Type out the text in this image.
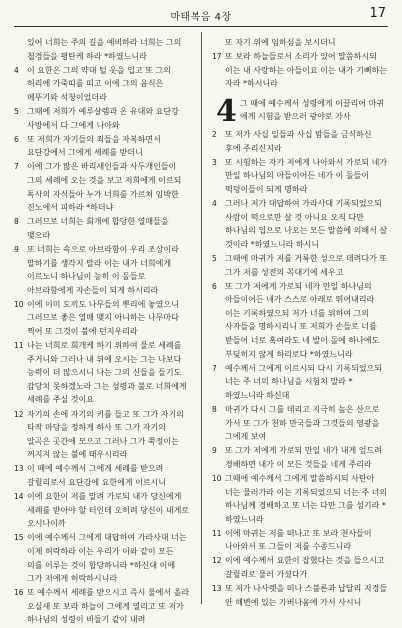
마태복음 4장	17
있어 너희는 주의 길을 예비하라 너희는 그의 첩경들을 평탄케 하라 *하였느니라
4	이 요한은 그의 약대 털 옷을 입고 또 그의 허리에 가죽띠를 띠고 이에 그의 음식은 메뚜기와 석청이었더라
5	그때에 저희가 예루살렘과 온 유대와 요단강 사방에서 다 그에게 나아와
6	또 저희가 자기들의 죄들을 자복하면서 요단강에서 그에게 세례를 받더니
7	이에 그가 많은 바리새인들과 사두개인들이 그의 세례에 오는 것을 보고 저희에게 이르되 독사의 자식들아 누가 너희를 가르쳐 임박한 진노에서 피하라 *하더냐
8	그러므로 너희는 회개에 합당한 열매들을 맺으라
9	또 너희는 속으로 아브라함이 우리 조상이라 말하기를 생각지 말라 이는 내가 너희에게 이르노니 하나님이 능히 이 돌들로 아브라함에게 자손들이 되게 하시리라
10 이에 이미 도끼도 나무들의 뿌리에 놓였으니 그러므로 좋은 열매 맺지 아니하는 나무마다 찍어 또 그것이 불에 던지우리라
11 나는 너희로 회개케 하기 위하여 물로 세례를 주거니와 그러나 내 뒤에 오시는 그는 나보다 능력이 더 많으시니 나는 그의 신들을 들기도 감당치 못하겠노라 그는 성령과 불로 너희에게 세례를 주실 것이요
12 자기의 손에 자기의 키를 들고 또 그가 자기의 타작 마당을 정하게 하사 또 그가 자기의 알곡은 곳간에 모으고 그러나 그가 쭉정이는 꺼지지 않는 불에 태우시리라
13 이 때에 예수께서 그에게 세례를 받으려 갈릴리로서 요단강에 요한에게 이르시니
14 이에 요한이 저를 말려 가로되 내가 당신에게 세례를 받아야 할 터인데 오히려 당신이 내게로 오시나이까
15 이에 예수께서 그에게 대답하여 가라사대 너는 이제 허락하라 이는 우리가 이와 같이 모든 의를 이루는 것이 합당하니라 *하신대 이에 그가 저에게 허락하시니라
16 또 예수께서 세례를 받으시고 즉시 물에서 올라 오실새 또 보라 하늘이 그에게 열리고 또 저가 하나님의 성령이 비둘기 같이 내려
또 자기 위에 임하심을 보시더니
17 또 보라 하늘들로서 소리가 있어 말씀하시되 이는 내 사랑하는 아들이요 이는 내가 기뻐하는 자라 *하시니라
4 그 때에 예수께서 성령에게 이끌리어 마귀에게 시험을 받으러 광야로 가사
2	또 저가 사십 일들과 사십 밤들을 금식하신 후에 주리신지라
3	또 시험하는 자가 저에게 나아와서 가로되 네가 만일 하나님의 아들이어든 네가 이 돌들이 떡덩이들이 되게 명하라
4	그러나 저가 대답하여 가라사대 기록되었으되 사람이 떡으로만 살 것 아니요 오직 다만 하나님의 입으로 나오는 모든 말씀에 의해서 살 것이라 *하였느니라 하시니
5	그때에 마귀가 저를 거룩한 성으로 데려다가 또 그가 저를 성전의 꼭대기에 세우고
6	또 그가 저에게 가로되 네가 만일 하나님의 아들이어든 네가 스스로 아래로 뛰어내리라 이는 기록하였으되 저가 너를 위하여 그의 사자들을 명하시리니 또 저희가 손들로 너를 받들어 너로 혹여라도 네 발이 돌에 하나에도 부딪히지 않게 하리로다 *하였느니라
7	예수께서 그에게 이르시되 다시 기록되었으되 너는 주 너의 하나님을 시험치 말라 *하였느니라 하신대
8	마귀가 다시 그를 데리고 지극히 높은 산으로 가서 또 그가 천하 만국들과 그것들의 영광을 그에게 보여
9	또 그가 저에게 가로되 만일 네가 내게 엎드려 경배하면 내가 이 모든 것들을 네게 주리라
10 그때에 예수께서 그에게 말씀하시되 사탄아 너는 물러가라 이는 기록되었으되 너는 주 너의 하나님께 경배하고 또 너는 다만 그를 섬기라 *하였느니라
11 이에 마귀는 저를 떠나고 또 보라 천사들이 나아와서 또 그들이 저를 수종드니라
12 이에 예수께서 요한이 잡혔다는 것을 들으시고 갈릴리로 물러 가셨다가
13 또 저가 나사렛을 떠나 스불론과 납달리 지경들 안 해변에 있는 가버나움에 가서 사시니
